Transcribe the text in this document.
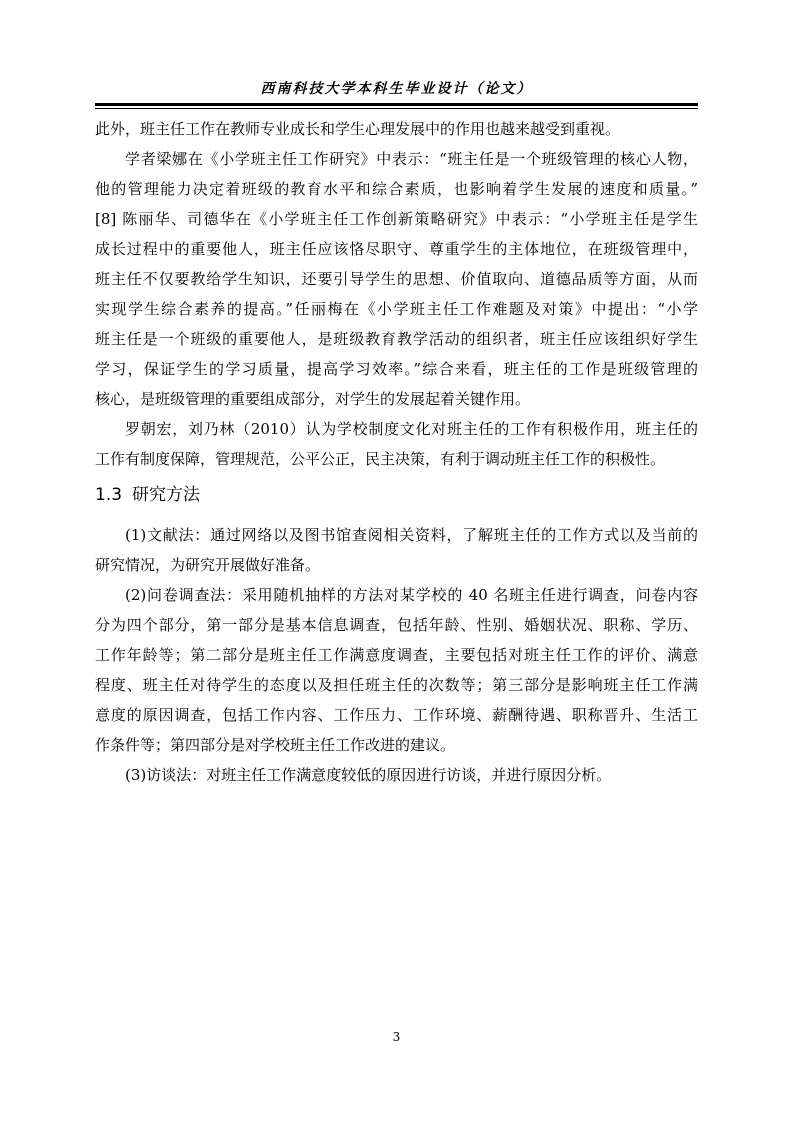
西南科技大学本科生毕业设计（论文）
此外，班主任工作在教师专业成长和学生心理发展中的作用也越来越受到重视。
学者梁娜在《小学班主任工作研究》中表示：“班主任是一个班级管理的核心人物，
他的管理能力决定着班级的教育水平和综合素质，也影响着学生发展的速度和质量。”
[8] 陈丽华、司德华在《小学班主任工作创新策略研究》中表示：“小学班主任是学生
成长过程中的重要他人，班主任应该恪尽职守、尊重学生的主体地位，在班级管理中，
班主任不仅要教给学生知识，还要引导学生的思想、价值取向、道德品质等方面，从而
实现学生综合素养的提高。”任丽梅在《小学班主任工作难题及对策》中提出：“小学
班主任是一个班级的重要他人，是班级教育教学活动的组织者，班主任应该组织好学生
学习，保证学生的学习质量，提高学习效率。”综合来看，班主任的工作是班级管理的
核心，是班级管理的重要组成部分，对学生的发展起着关键作用。
罗朝宏，刘乃林（2010）认为学校制度文化对班主任的工作有积极作用，班主任的
工作有制度保障，管理规范，公平公正，民主决策，有利于调动班主任工作的积极性。
1.3 研究方法
(1)文献法：通过网络以及图书馆查阅相关资料，了解班主任的工作方式以及当前的
研究情况，为研究开展做好准备。
(2)问卷调查法：采用随机抽样的方法对某学校的 40 名班主任进行调查，问卷内容
分为四个部分，第一部分是基本信息调查，包括年龄、性别、婚姻状况、职称、学历、
工作年龄等；第二部分是班主任工作满意度调查，主要包括对班主任工作的评价、满意
程度、班主任对待学生的态度以及担任班主任的次数等；第三部分是影响班主任工作满
意度的原因调查，包括工作内容、工作压力、工作环境、薪酬待遇、职称晋升、生活工
作条件等；第四部分是对学校班主任工作改进的建议。
(3)访谈法：对班主任工作满意度较低的原因进行访谈，并进行原因分析。
3
